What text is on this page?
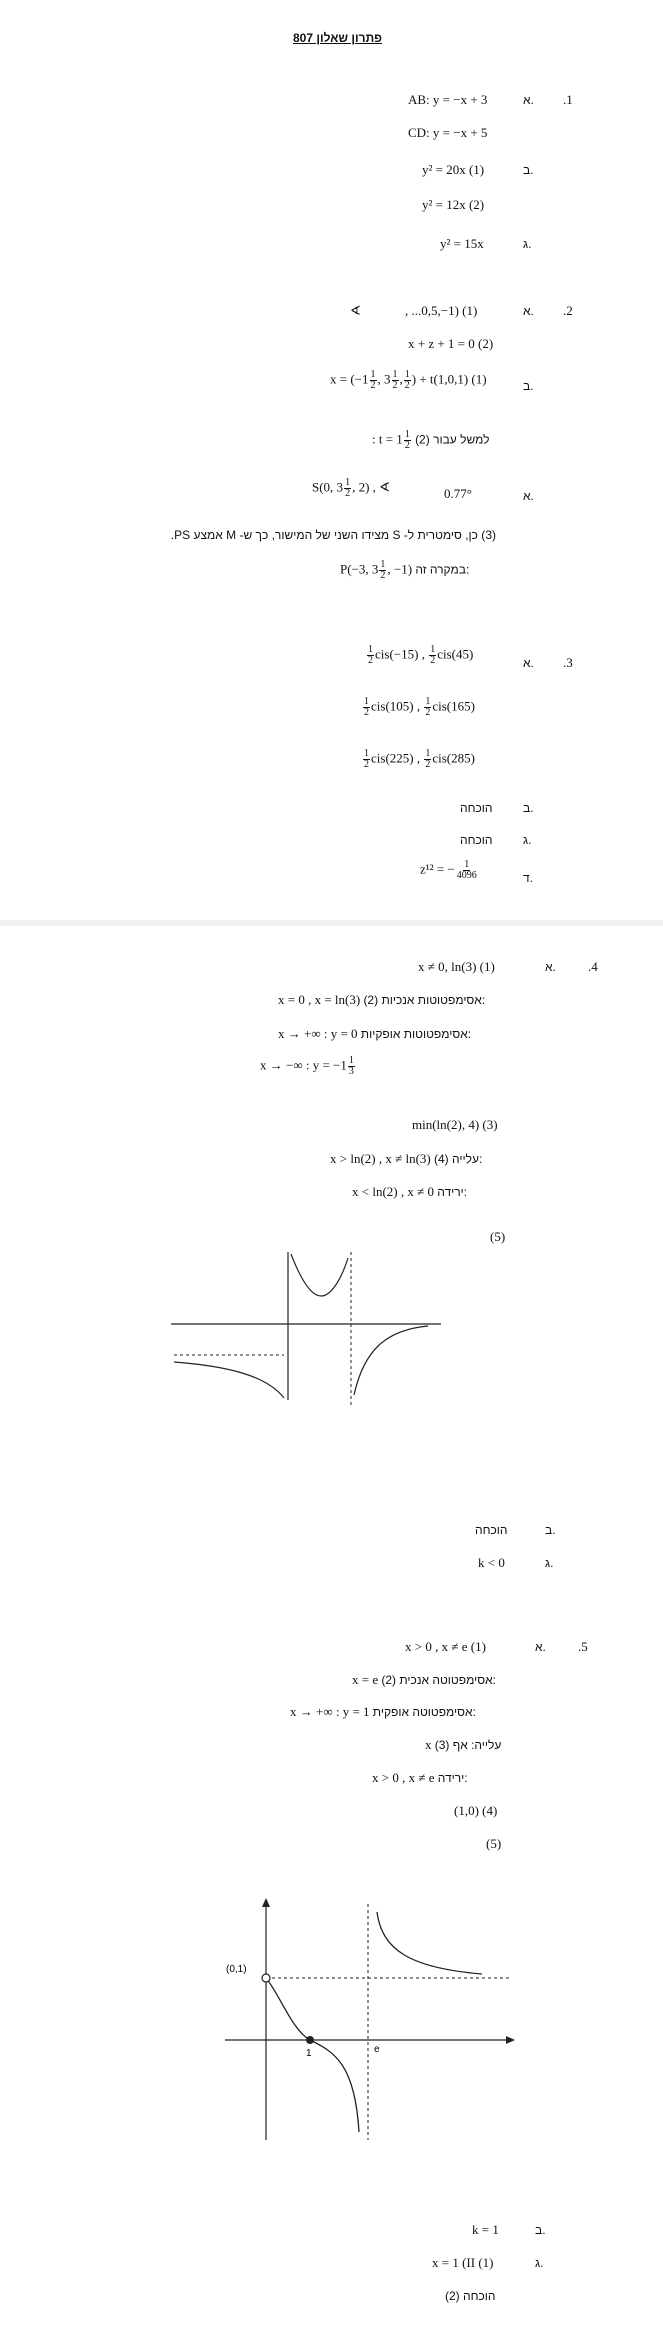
פתרון שאלון 807
.1
א.
AB: y = −x + 3
CD: y = −x + 5
ב.
y² = 20x (1)
y² = 12x (2)
ג.
y² = 15x
.2
א.
∢	, ...0,5,−1) (1)
x + z + 1 = 0 (2)
ב.
$x = (-1 \frac{1}{2}$ , $3 \frac{1}{2}$ , $\frac{1}{2}$ ) + t(1,0,1) (1)
: $t = 1 \frac{1}{2} (2)$ למשל עבור
א.
S(0, $3 \frac{1}{2}$ , 2) , ∢	0.77°
(3) כן, סימטרית ל- S מצידו השני של המישור, כך ש- M אמצע PS.
P(−3, $3 \frac{1}{2}$ , −1) במקרה זה:
.3
א.
$\frac{1}{2} cis(-15)$ , $\frac{1}{2} cis(45)$
$\frac{1}{2} cis(105)$ , $\frac{1}{2} cis(165)$
$\frac{1}{2} cis(225)$ , $\frac{1}{2} cis(285)$
ב.
הוכחה
ג.
הוכחה
ד.
z¹² = − $\frac{1}{4096}$
.4
א.
x ≠ 0, ln(3) (1)
x = 0 , x = ln(3) (2) אסימפטוטות אנכיות:
x → +∞ : y = 0 אסימפטוטות אופקיות:
x → −∞ : $y = -1 \frac{1}{3}$
min(ln(2), 4) (3)
x > ln(2) , x ≠ ln(3) (4) עלייה:
x < ln(2) , x ≠ 0 ירידה:
(5)
ב.
הוכחה
ג.
k < 0
.5
א.
x > 0 , x ≠ e (1)
x = e (2) אסימפטוטה אנכית:
x → +∞ : y = 1 אסימפטוטה אופקית:
x (3) עלייה: אף
x > 0 , x ≠ e ירידה:
(1,0) (4)
(5)
(0,1)
1	e
ב.
k = 1
ג.
x = 1 (II (1)
(2) הוכחה
